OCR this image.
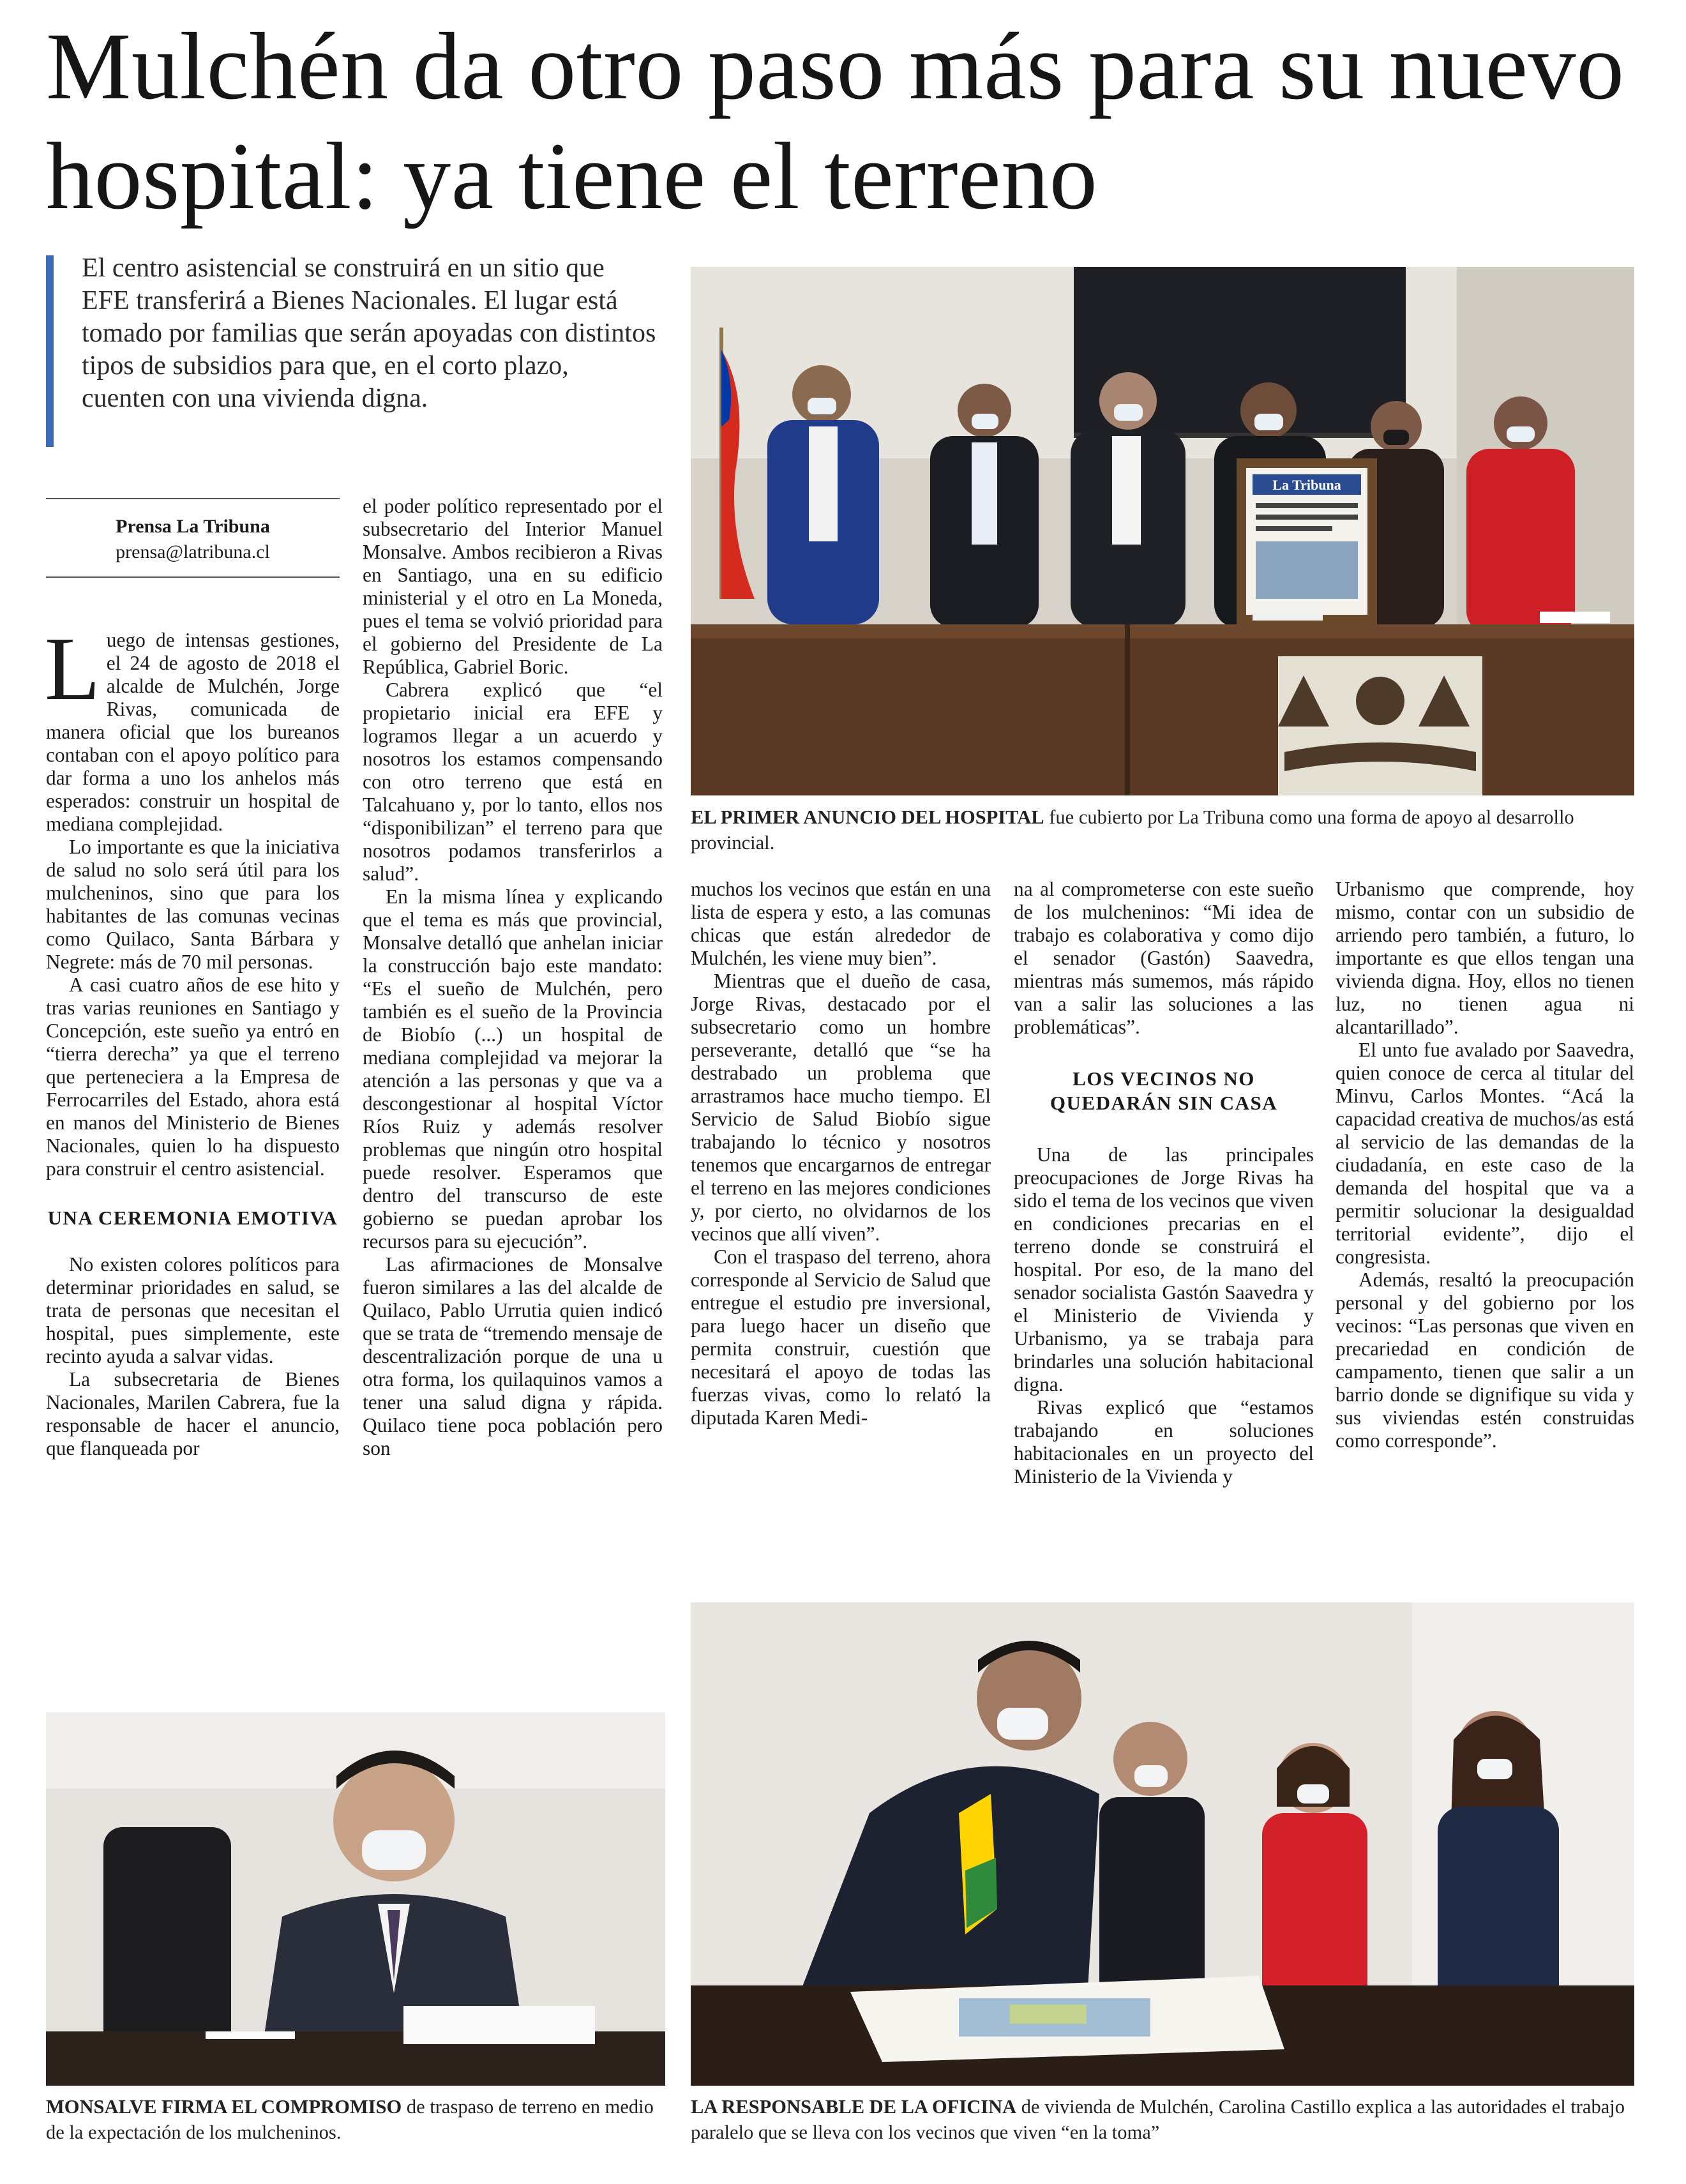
Mulchén da otro paso más para su nuevo hospital: ya tiene el terreno
El centro asistencial se construirá en un sitio que EFE transferirá a Bienes Nacionales. El lugar está tomado por familias que serán apoyadas con distintos tipos de subsidios para que, en el corto plazo, cuenten con una vivienda digna.
Prensa La Tribuna
prensa@latribuna.cl

Luego de intensas gestiones, el 24 de agosto de 2018 el alcalde de Mulchén, Jorge Rivas, comunicada de manera oficial que los bureanos contaban con el apoyo político para dar forma a uno los anhelos más esperados: construir un hospital de mediana complejidad.

Lo importante es que la iniciativa de salud no solo será útil para los mulcheninos, sino que para los habitantes de las comunas vecinas como Quilaco, Santa Bárbara y Negrete: más de 70 mil personas.

A casi cuatro años de ese hito y tras varias reuniones en Santiago y Concepción, este sueño ya entró en “tierra derecha” ya que el terreno que perteneciera a la Empresa de Ferrocarriles del Estado, ahora está en manos del Ministerio de Bienes Nacionales, quien lo ha dispuesto para construir el centro asistencial.

UNA CEREMONIA EMOTIVA

No existen colores políticos para determinar prioridades en salud, se trata de personas que necesitan el hospital, pues simplemente, este recinto ayuda a salvar vidas.

La subsecretaria de Bienes Nacionales, Marilen Cabrera, fue la responsable de hacer el anuncio, que flanqueada por

el poder político representado por el subsecretario del Interior Manuel Monsalve. Ambos recibieron a Rivas en Santiago, una en su edificio ministerial y el otro en La Moneda, pues el tema se volvió prioridad para el gobierno del Presidente de La República, Gabriel Boric.

Cabrera explicó que “el propietario inicial era EFE y logramos llegar a un acuerdo y nosotros los estamos compensando con otro terreno que está en Talcahuano y, por lo tanto, ellos nos “disponibilizan” el terreno para que nosotros podamos transferirlos a salud”.

En la misma línea y explicando que el tema es más que provincial, Monsalve detalló que anhelan iniciar la construcción bajo este mandato: “Es el sueño de Mulchén, pero también es el sueño de la Provincia de Biobío (...) un hospital de mediana complejidad va mejorar la atención a las personas y que va a descongestionar al hospital Víctor Ríos Ruiz y además resolver problemas que ningún otro hospital puede resolver. Esperamos que dentro del transcurso de este gobierno se puedan aprobar los recursos para su ejecución”.

Las afirmaciones de Monsalve fueron similares a las del alcalde de Quilaco, Pablo Urrutia quien indicó que se trata de “tremendo mensaje de descentralización porque de una u otra forma, los quilaquinos vamos a tener una salud digna y rápida. Quilaco tiene poca población pero son

La Tribuna
EL PRIMER ANUNCIO DEL HOSPITAL fue cubierto por La Tribuna como una forma de apoyo al desarrollo provincial.

muchos los vecinos que están en una lista de espera y esto, a las comunas chicas que están alrededor de Mulchén, les viene muy bien”.

Mientras que el dueño de casa, Jorge Rivas, destacado por el subsecretario como un hombre perseverante, detalló que “se ha destrabado un problema que arrastramos hace mucho tiempo. El Servicio de Salud Biobío sigue trabajando lo técnico y nosotros tenemos que encargarnos de entregar el terreno en las mejores condiciones y, por cierto, no olvidarnos de los vecinos que allí viven”.

Con el traspaso del terreno, ahora corresponde al Servicio de Salud que entregue el estudio pre inversional, para luego hacer un diseño que permita construir, cuestión que necesitará el apoyo de todas las fuerzas vivas, como lo relató la diputada Karen Medi-

na al comprometerse con este sueño de los mulcheninos: “Mi idea de trabajo es colaborativa y como dijo el senador (Gastón) Saavedra, mientras más sumemos, más rápido van a salir las soluciones a las problemáticas”.

LOS VECINOS NO QUEDARÁN SIN CASA

Una de las principales preocupaciones de Jorge Rivas ha sido el tema de los vecinos que viven en condiciones precarias en el terreno donde se construirá el hospital. Por eso, de la mano del senador socialista Gastón Saavedra y el Ministerio de Vivienda y Urbanismo, ya se trabaja para brindarles una solución habitacional digna.

Rivas explicó que “estamos trabajando en soluciones habitacionales en un proyecto del Ministerio de la Vivienda y

Urbanismo que comprende, hoy mismo, contar con un subsidio de arriendo pero también, a futuro, lo importante es que ellos tengan una vivienda digna. Hoy, ellos no tienen luz, no tienen agua ni alcantarillado”.

El unto fue avalado por Saavedra, quien conoce de cerca al titular del Minvu, Carlos Montes. “Acá la capacidad creativa de muchos/as está al servicio de las demandas de la ciudadanía, en este caso de la demanda del hospital que va a permitir solucionar la desigualdad territorial evidente”, dijo el congresista.

Además, resaltó la preocupación personal y del gobierno por los vecinos: “Las personas que viven en precariedad en condición de campamento, tienen que salir a un barrio donde se dignifique su vida y sus viviendas estén construidas como corresponde”.

MONSALVE FIRMA EL COMPROMISO de traspaso de terreno en medio de la expectación de los mulcheninos.
LA RESPONSABLE DE LA OFICINA de vivienda de Mulchén, Carolina Castillo explica a las autoridades el trabajo paralelo que se lleva con los vecinos que viven “en la toma”
